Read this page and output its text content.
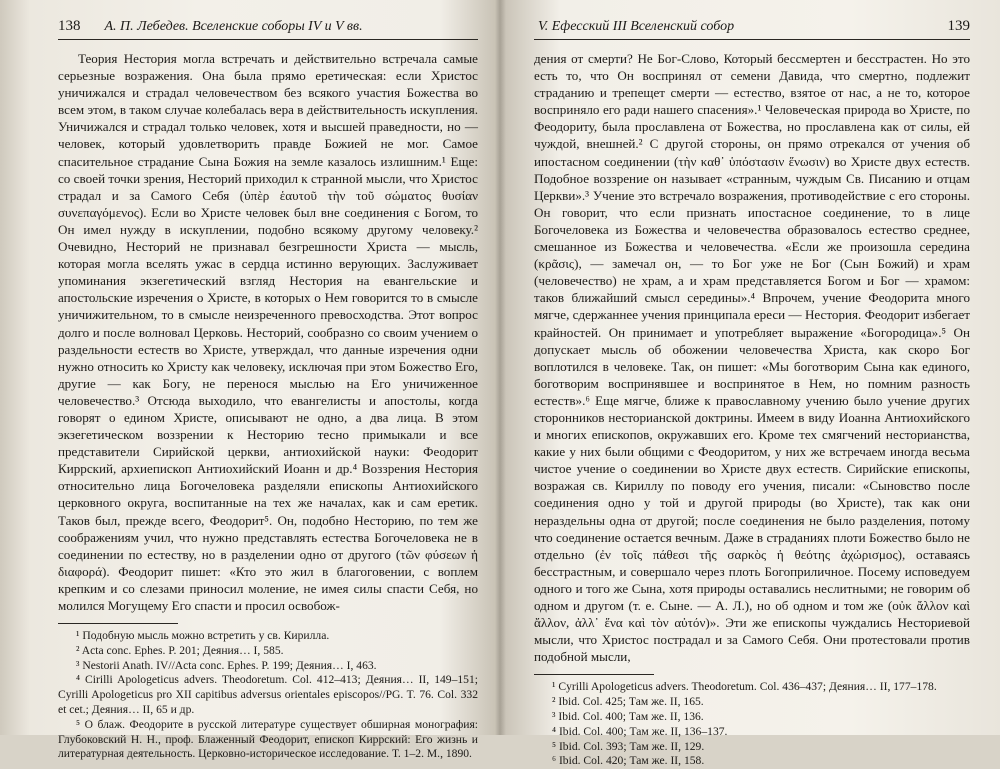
138	А. П. Лебедев. Вселенские соборы IV и V вв.

Теория Нестория могла встречать и действительно встречала самые серьезные возражения. Она была прямо еретическая: если Христос уничижался и страдал человечеством без всякого участия Божества во всем этом, в таком случае колебалась вера в действительность искупления. Уничижался и страдал только человек, хотя и высшей праведности, но — человек, который удовлетворить правде Божией не мог. Самое спасительное страдание Сына Божия на земле казалось излишним.¹ Еще: со своей точки зрения, Несторий приходил к странной мысли, что Христос страдал и за Самого Себя (ὑπὲρ ἑαυτοῦ τὴν τοῦ σώματος θυσίαν συνεπαγόμενος). Если во Христе человек был вне соединения с Богом, то Он имел нужду в искуплении, подобно всякому другому человеку.² Очевидно, Несторий не признавал безгрешности Христа — мысль, которая могла вселять ужас в сердца истинно верующих. Заслуживает упоминания экзегетический взгляд Нестория на евангельские и апостольские изречения о Христе, в которых о Нем говорится то в смысле уничижительном, то в смысле неизреченного превосходства. Этот вопрос долго и после волновал Церковь. Несторий, сообразно со своим учением о раздельности естеств во Христе, утверждал, что данные изречения одни нужно относить ко Христу как человеку, исключая при этом Божество Его, другие — как Богу, не перенося мыслью на Его уничиженное человечество.³ Отсюда выходило, что евангелисты и апостолы, когда говорят о едином Христе, описывают не одно, а два лица. В этом экзегетическом воззрении к Несторию тесно примыкали и все представители Сирийской церкви, антиохийской науки: Феодорит Киррский, архиепископ Антиохийский Иоанн и др.⁴ Воззрения Нестория относительно лица Богочеловека разделяли епископы Антиохийского церковного округа, воспитанные на тех же началах, как и сам еретик. Таков был, прежде всего, Феодорит⁵. Он, подобно Несторию, по тем же соображениям учил, что нужно представлять естества Богочеловека не в соединении по естеству, но в разделении одно от другого (τῶν φύσεων ἡ διαφορά). Феодорит пишет: «Кто это жил в благоговении, с воплем крепким и со слезами приносил моление, не имея силы спасти Себя, но молился Могущему Его спасти и просил освобож-

¹ Подобную мысль можно встретить у св. Кирилла.

² Acta conc. Ephes. P. 201; Деяния… I, 585.

³ Nestorii Anath. IV//Acta conc. Ephes. P. 199; Деяния… I, 463.

⁴ Cirilli Apologeticus advers. Theodoretum. Col. 412–413; Деяния… II, 149–151; Cyrilli Apologeticus pro XII capitibus adversus orientales episcopos//PG. T. 76. Col. 332 et cet.; Деяния… II, 65 и др.

⁵ О блаж. Феодорите в русской литературе существует обширная монография: Глубоковский Н. Н., проф. Блаженный Феодорит, епископ Киррский: Его жизнь и литературная деятельность. Церковно-историческое исследование. Т. 1–2. М., 1890.

V. Ефесский III Вселенский собор	139

дения от смерти? Не Бог-Слово, Который бессмертен и бесстрастен. Но это есть то, что Он воспринял от семени Давида, что смертно, подлежит страданию и трепещет смерти — естество, взятое от нас, а не то, которое восприняло его ради нашего спасения».¹ Человеческая природа во Христе, по Феодориту, была прославлена от Божества, но прославлена как от силы, ей чуждой, внешней.² С другой стороны, он прямо отрекался от учения об ипостасном соединении (τὴν καθ᾽ ὑπόστασιν ἕνωσιν) во Христе двух естеств. Подобное воззрение он называет «странным, чуждым Св. Писанию и отцам Церкви».³ Учение это встречало возражения, противодействие с его стороны. Он говорит, что если признать ипостасное соединение, то в лице Богочеловека из Божества и человечества образовалось естество среднее, смешанное из Божества и человечества. «Если же произошла середина (κρᾶσις), — замечал он, — то Бог уже не Бог (Сын Божий) и храм (человечество) не храм, а и храм представляется Богом и Бог — храмом: таков ближайший смысл середины».⁴ Впрочем, учение Феодорита много мягче, сдержаннее учения принципала ереси — Нестория. Феодорит избегает крайностей. Он принимает и употребляет выражение «Богородица».⁵ Он допускает мысль об обожении человечества Христа, как скоро Бог воплотился в человеке. Так, он пишет: «Мы боготворим Сына как единого, боготворим воспринявшее и воспринятое в Нем, но помним разность естеств».⁶ Еще мягче, ближе к православному учению было учение других сторонников несторианской доктрины. Имеем в виду Иоанна Антиохийского и многих епископов, окружавших его. Кроме тех смягчений несторианства, какие у них были общими с Феодоритом, у них же встречаем иногда весьма чистое учение о соединении во Христе двух естеств. Сирийские епископы, возражая св. Кириллу по поводу его учения, писали: «Сыновство после соединения одно у той и другой природы (во Христе), так как они нераздельны одна от другой; после соединения не было разделения, потому что соединение остается вечным. Даже в страданиях плоти Божество было не отдельно (ἐν τοῖς πάθεσι τῆς σαρκὸς ἡ θεότης ἀχώρισμος), оставаясь бесстрастным, и совершало через плоть Богоприличное. Посему исповедуем одного и того же Сына, хотя природы оставались неслитными; не говорим об одном и другом (т. е. Сыне. — А. Л.), но об одном и том же (οὐκ ἄλλον καὶ ἄλλον, ἀλλ᾽ ἕνα καὶ τὸν αὐτόν)». Эти же епископы чуждались Несториевой мысли, что Христос пострадал и за Самого Себя. Они протестовали против подобной мысли,

¹ Cyrilli Apologeticus advers. Theodoretum. Col. 436–437; Деяния… II, 177–178.

² Ibid. Col. 425; Там же. II, 165.

³ Ibid. Col. 400; Там же. II, 136.

⁴ Ibid. Col. 400; Там же. II, 136–137.

⁵ Ibid. Col. 393; Там же. II, 129.

⁶ Ibid. Col. 420; Там же. II, 158.
